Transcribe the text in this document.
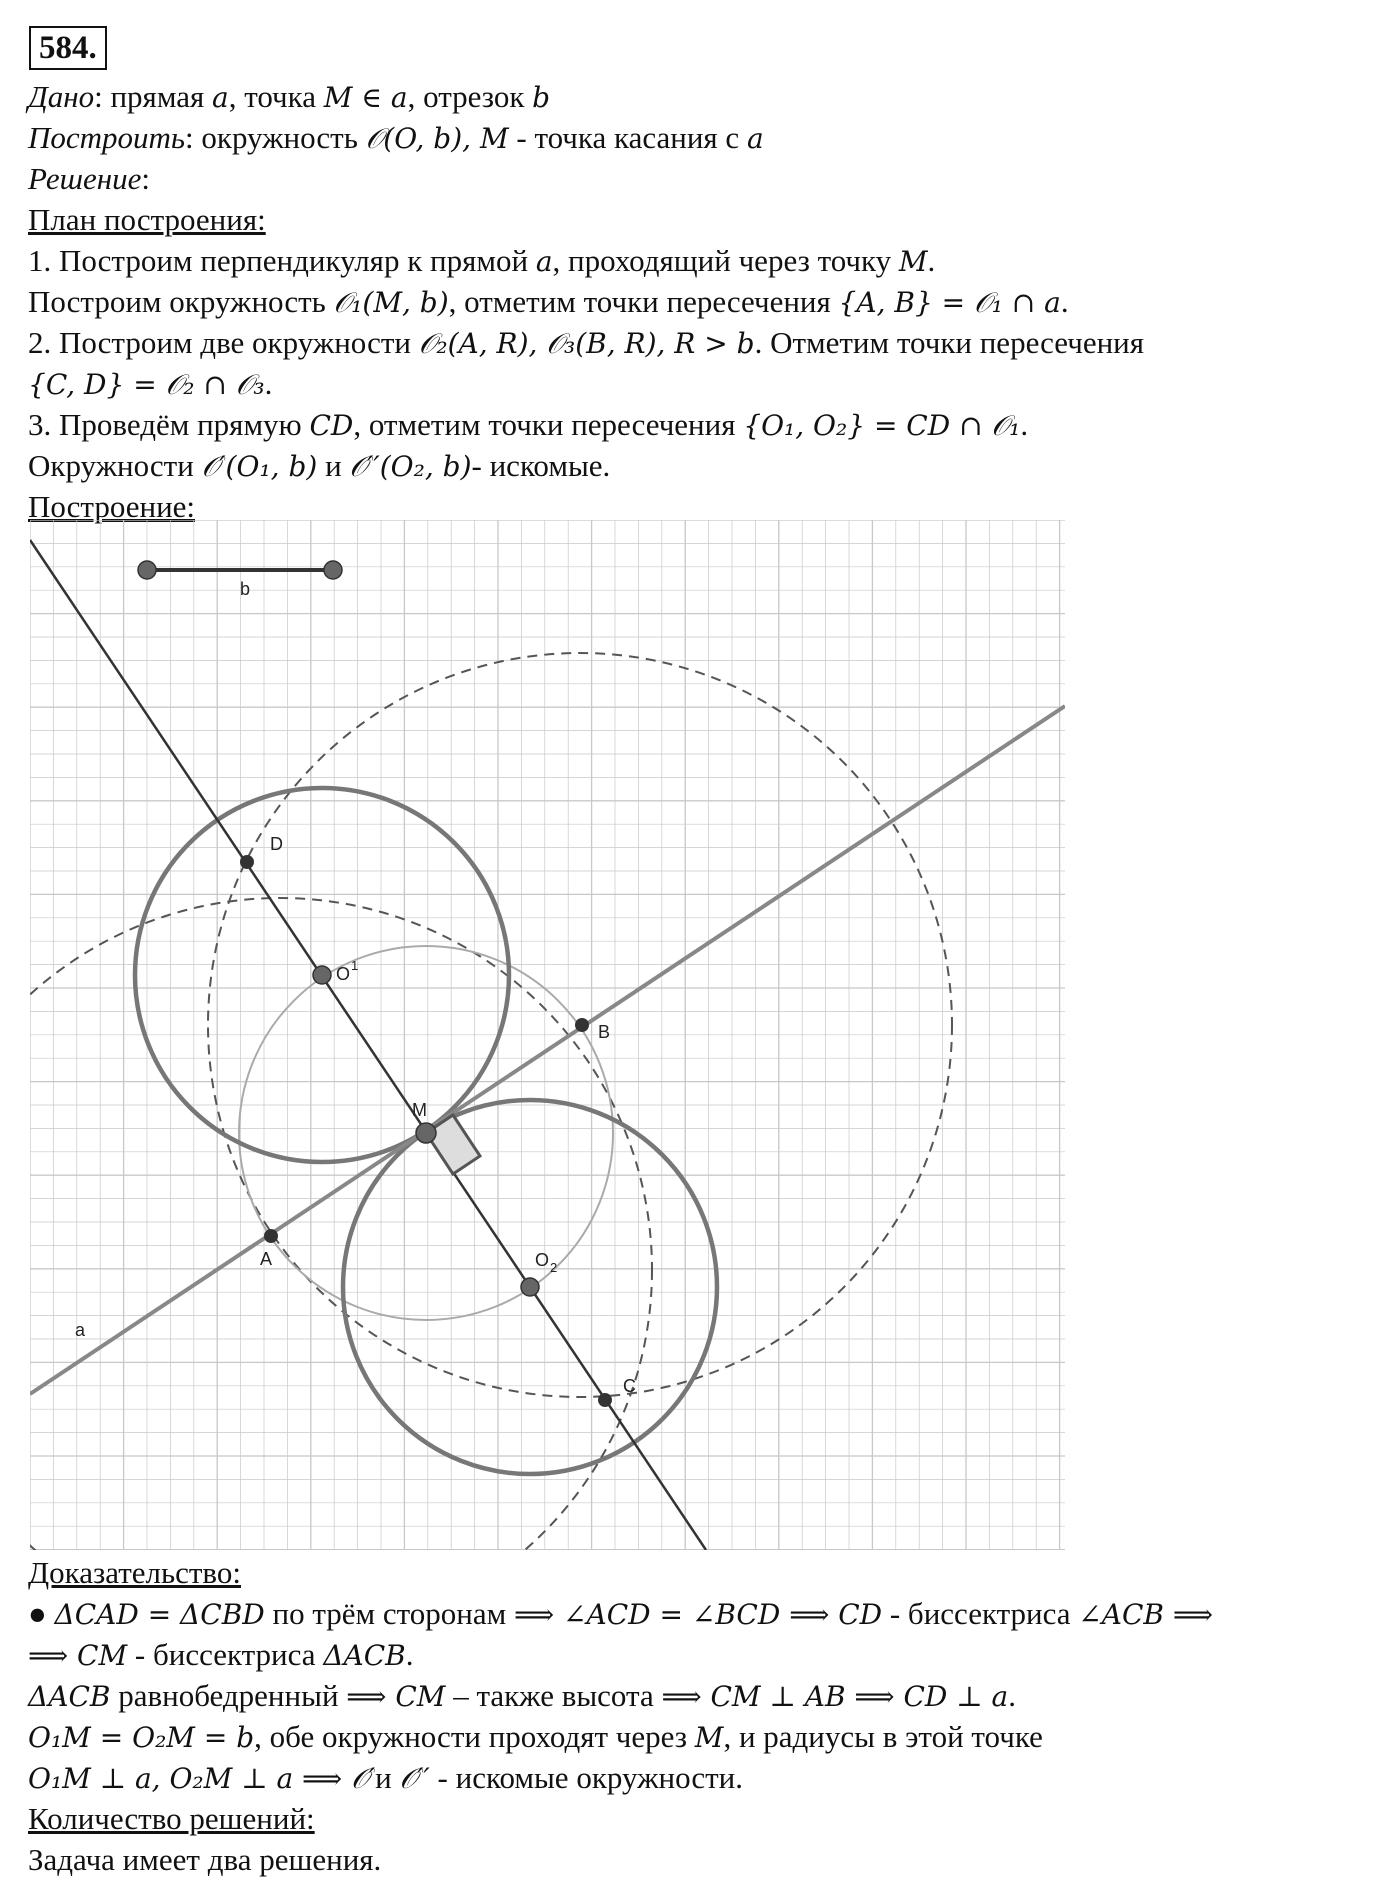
584.
Дано: прямая a, точка M ∈ a, отрезок b
Построить: окружность 𝒪(O, b), M - точка касания с a
Решение:
План построения:
1. Построим перпендикуляр к прямой a, проходящий через точку M.
Построим окружность 𝒪₁(M, b), отметим точки пересечения {A, B} = 𝒪₁ ∩ a.
2. Построим две окружности 𝒪₂(A, R), 𝒪₃(B, R), R > b. Отметим точки пересечения
{C, D} = 𝒪₂ ∩ 𝒪₃.
3. Проведём прямую CD, отметим точки пересечения {O₁, O₂} = CD ∩ 𝒪₁.
Окружности 𝒪′(O₁, b) и 𝒪′′(O₂, b)- искомые.
Построение:
b
a
D
B
A
C
M
$O^1$
$O_2$
Доказательство:
● ΔCAD = ΔCBD по трём сторонам ⟹ ∠ACD = ∠BCD ⟹ CD - биссектриса ∠ACB ⟹
⟹ CM - биссектриса ΔACB.
ΔACB равнобедренный ⟹ CM – также высота ⟹ CM ⊥ AB ⟹ CD ⊥ a.
O₁M = O₂M = b, обе окружности проходят через M, и радиусы в этой точке
O₁M ⊥ a, O₂M ⊥ a ⟹ 𝒪′и 𝒪′′ - искомые окружности.
Количество решений:
Задача имеет два решения.
